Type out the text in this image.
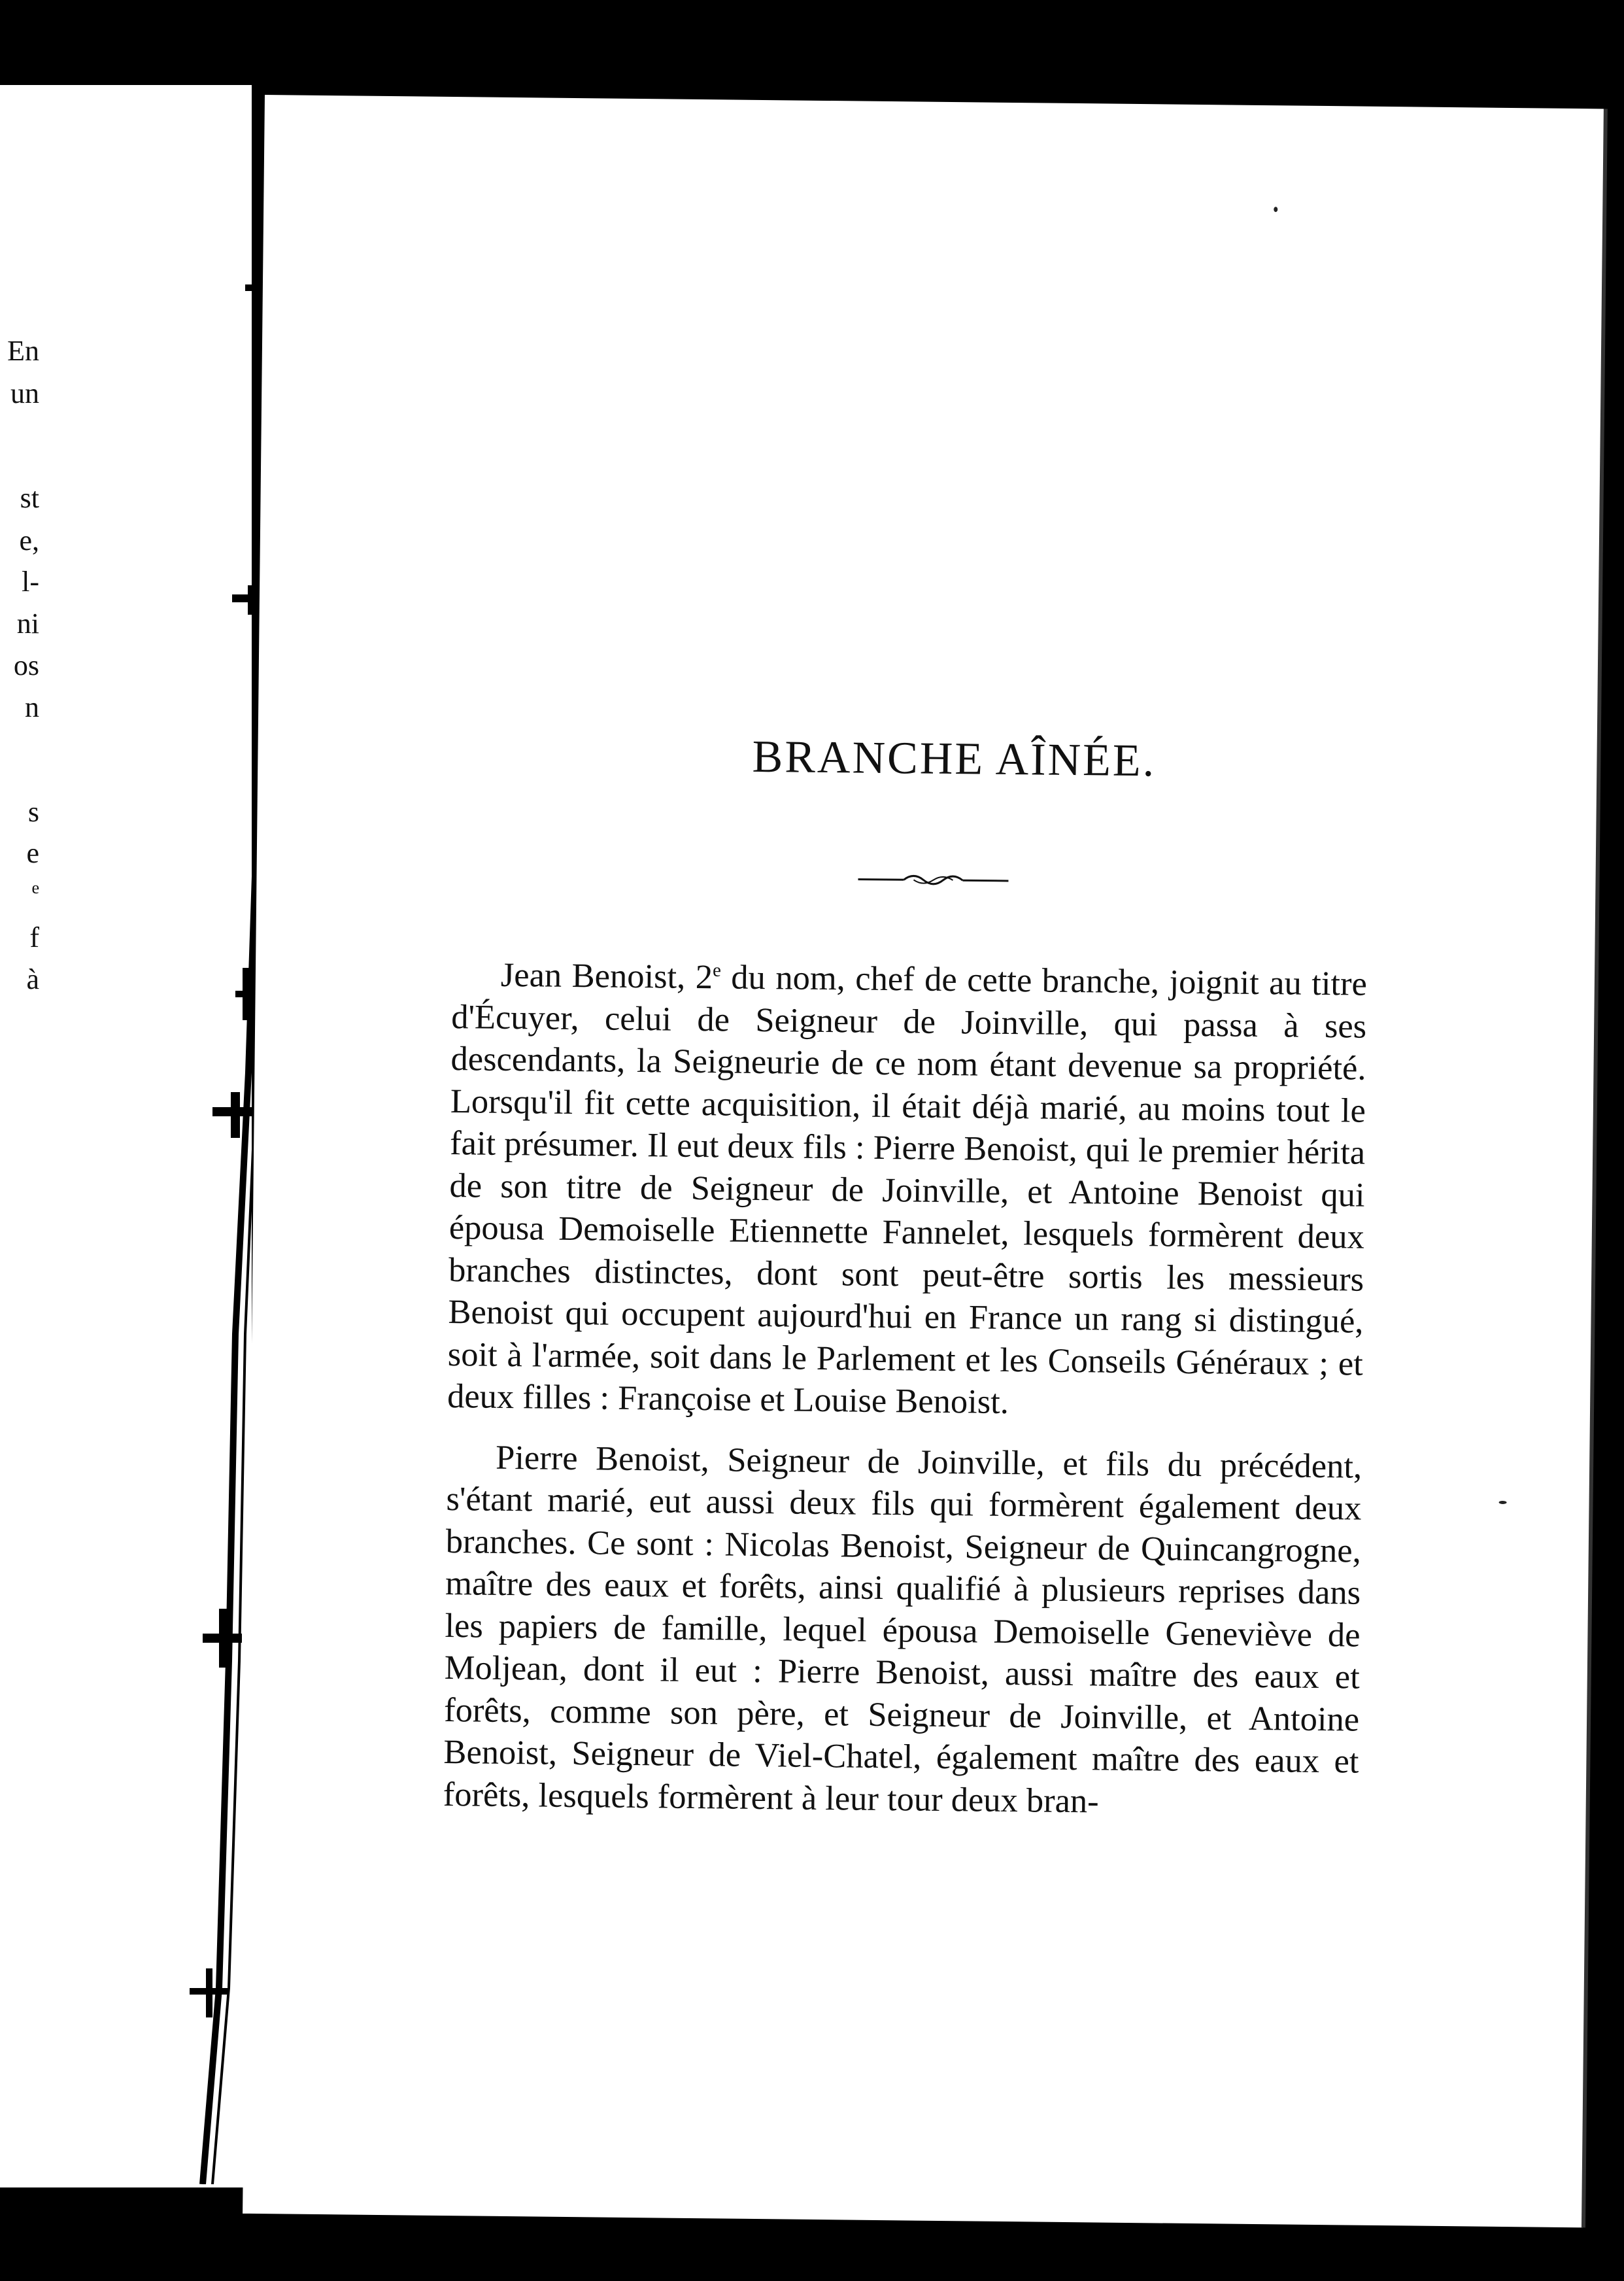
En
un
st
e,
l-
ni
os
n
s
e
ᵉ
f
à
BRANCHE AÎNÉE.

Jean Benoist, 2e du nom, chef de cette branche, joignit au titre d'Écuyer, celui de Seigneur de Joinville, qui passa à ses descendants, la Seigneurie de ce nom étant devenue sa propriété. Lorsqu'il fit cette acquisition, il était déjà marié, au moins tout le fait présumer. Il eut deux fils : Pierre Benoist, qui le premier hérita de son titre de Seigneur de Joinville, et Antoine Benoist qui épousa Demoiselle Etiennette Fannelet, lesquels formèrent deux branches distinctes, dont sont peut-être sortis les messieurs Benoist qui occupent aujourd'hui en France un rang si distingué, soit à l'armée, soit dans le Parlement et les Conseils Généraux ; et deux filles : Françoise et Louise Benoist.

Pierre Benoist, Seigneur de Joinville, et fils du précédent, s'étant marié, eut aussi deux fils qui formèrent également deux branches. Ce sont : Nicolas Benoist, Seigneur de Quincangrogne, maître des eaux et forêts, ainsi qualifié à plusieurs reprises dans les papiers de famille, lequel épousa Demoiselle Geneviève de Moljean, dont il eut : Pierre Benoist, aussi maître des eaux et forêts, comme son père, et Seigneur de Joinville, et Antoine Benoist, Seigneur de Viel-Chatel, également maître des eaux et forêts, lesquels formèrent à leur tour deux bran-
